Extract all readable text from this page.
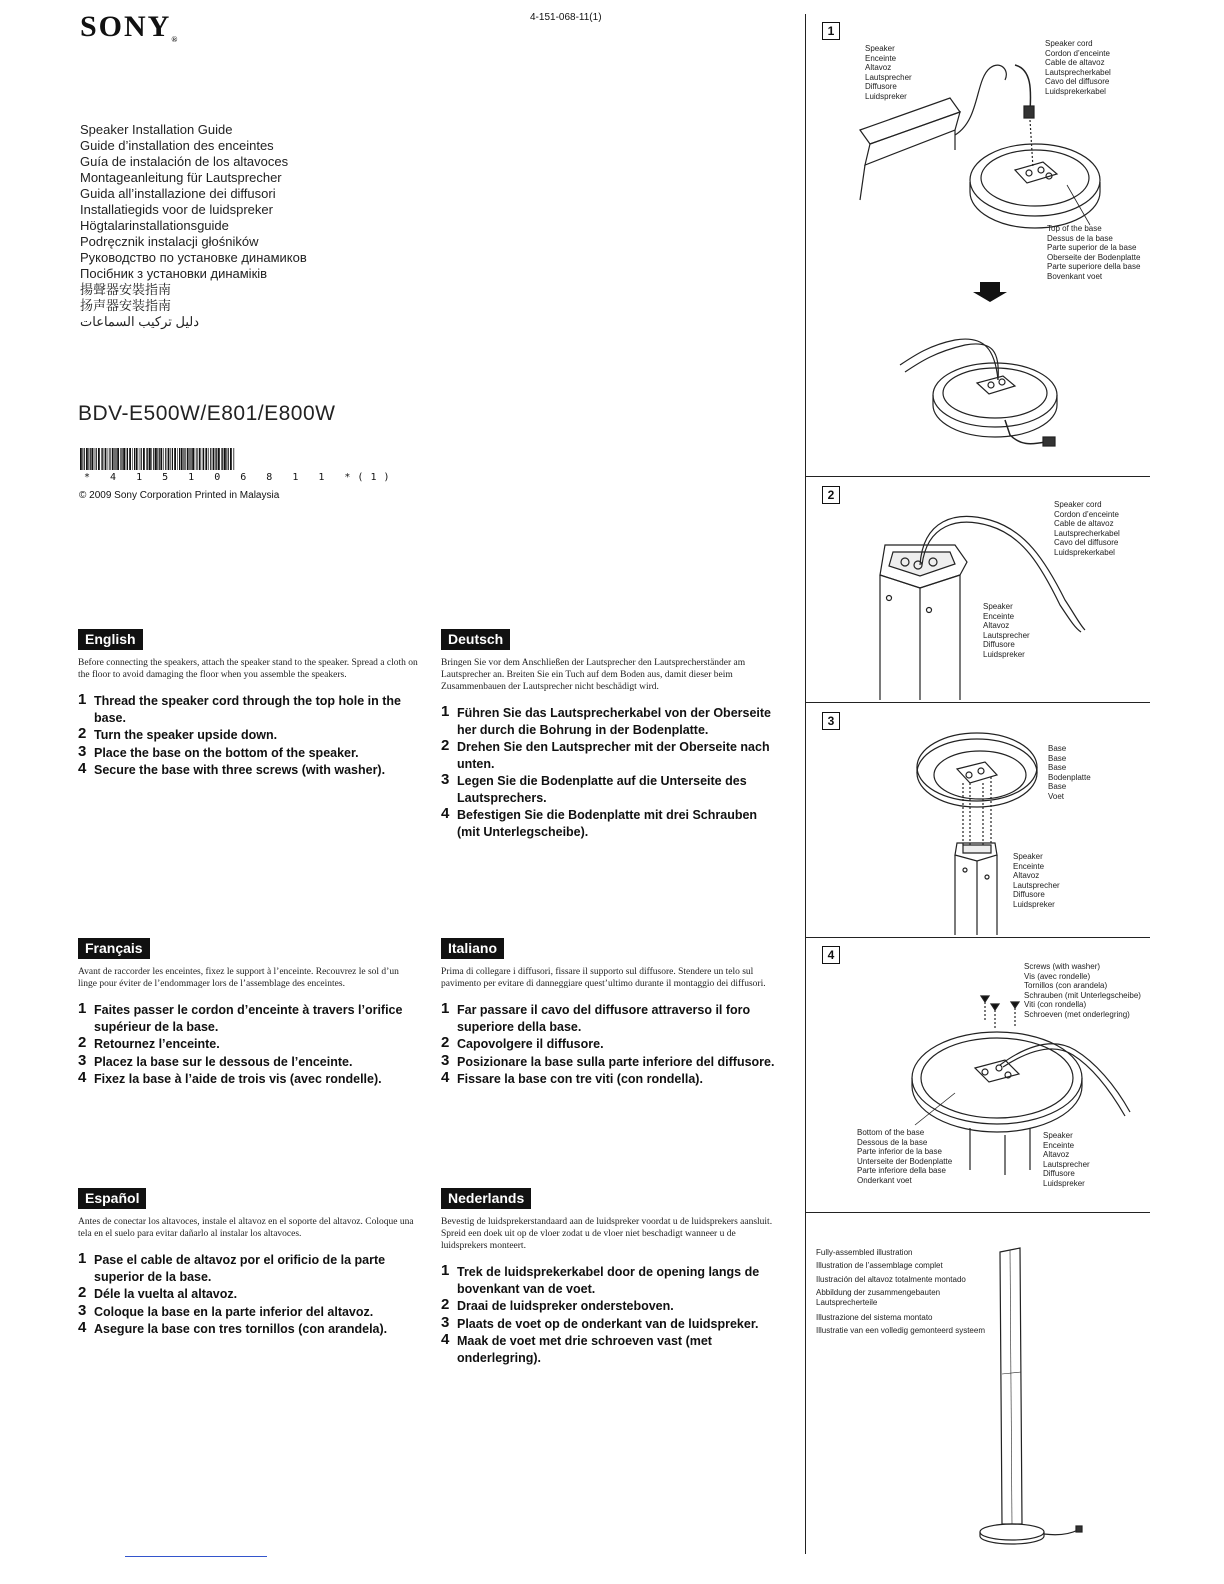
SONY®
4-151-068-11(1)
Speaker Installation Guide
Guide d’installation des enceintes
Guía de instalación de los altavoces
Montageanleitung für Lautsprecher
Guida all’installazione dei diffusori
Installatiegids voor de luidspreker
Högtalarinstallationsguide
Podręcznik instalacji głośników
Руководство по установке динамиков
Посібник з установки динаміків
揚聲器安裝指南
扬声器安装指南
دليل تركيب السماعات
BDV-E500W/E801/E800W
* 4 1 5 1 0 6 8 1 1 *(1)
© 2009 Sony Corporation Printed in Malaysia
English
Before connecting the speakers, attach the speaker stand to the speaker. Spread a cloth on the floor to avoid damaging the floor when you assemble the speakers.
1 Thread the speaker cord through the top hole in the base.
2 Turn the speaker upside down.
3 Place the base on the bottom of the speaker.
4 Secure the base with three screws (with washer).
Deutsch
Bringen Sie vor dem Anschließen der Lautsprecher den Lautsprecherständer am Lautsprecher an. Breiten Sie ein Tuch auf dem Boden aus, damit dieser beim Zusammenbauen der Lautsprecher nicht beschädigt wird.
1 Führen Sie das Lautsprecherkabel von der Oberseite her durch die Bohrung in der Bodenplatte.
2 Drehen Sie den Lautsprecher mit der Oberseite nach unten.
3 Legen Sie die Bodenplatte auf die Unterseite des Lautsprechers.
4 Befestigen Sie die Bodenplatte mit drei Schrauben (mit Unterlegscheibe).
Français
Avant de raccorder les enceintes, fixez le support à l’enceinte. Recouvrez le sol d’un linge pour éviter de l’endommager lors de l’assemblage des enceintes.
1 Faites passer le cordon d’enceinte à travers l’orifice supérieur de la base.
2 Retournez l’enceinte.
3 Placez la base sur le dessous de l’enceinte.
4 Fixez la base à l’aide de trois vis (avec rondelle).
Italiano
Prima di collegare i diffusori, fissare il supporto sul diffusore. Stendere un telo sul pavimento per evitare di danneggiare quest’ultimo durante il montaggio dei diffusori.
1 Far passare il cavo del diffusore attraverso il foro superiore della base.
2 Capovolgere il diffusore.
3 Posizionare la base sulla parte inferiore del diffusore.
4 Fissare la base con tre viti (con rondella).
Español
Antes de conectar los altavoces, instale el altavoz en el soporte del altavoz. Coloque una tela en el suelo para evitar dañarlo al instalar los altavoces.
1 Pase el cable de altavoz por el orificio de la parte superior de la base.
2 Déle la vuelta al altavoz.
3 Coloque la base en la parte inferior del altavoz.
4 Asegure la base con tres tornillos (con arandela).
Nederlands
Bevestig de luidsprekerstandaard aan de luidspreker voordat u de luidsprekers aansluit. Spreid een doek uit op de vloer zodat u de vloer niet beschadigt wanneer u de luidsprekers monteert.
1 Trek de luidsprekerkabel door de opening langs de bovenkant van de voet.
2 Draai de luidspreker ondersteboven.
3 Plaats de voet op de onderkant van de luidspreker.
4 Maak de voet met drie schroeven vast (met onderlegring).
1
Speaker
Enceinte
Altavoz
Lautsprecher
Diffusore
Luidspreker
Speaker cord
Cordon d’enceinte
Cable de altavoz
Lautsprecherkabel
Cavo del diffusore
Luidsprekerkabel
Top of the base
Dessus de la base
Parte superior de la base
Oberseite der Bodenplatte
Parte superiore della base
Bovenkant voet
2
Speaker cord
Cordon d’enceinte
Cable de altavoz
Lautsprecherkabel
Cavo del diffusore
Luidsprekerkabel
Speaker
Enceinte
Altavoz
Lautsprecher
Diffusore
Luidspreker
3
Base
Base
Base
Bodenplatte
Base
Voet
Speaker
Enceinte
Altavoz
Lautsprecher
Diffusore
Luidspreker
4
Screws (with washer)
Vis (avec rondelle)
Tornillos (con arandela)
Schrauben (mit Unterlegscheibe)
Viti (con rondella)
Schroeven (met onderlegring)
Bottom of the base
Dessous de la base
Parte inferior de la base
Unterseite der Bodenplatte
Parte inferiore della base
Onderkant voet
Speaker
Enceinte
Altavoz
Lautsprecher
Diffusore
Luidspreker
Fully-assembled illustration
Illustration de l’assemblage complet
Ilustración del altavoz totalmente montado
Abbildung der zusammengebauten Lautsprecherteile
Illustrazione del sistema montato
Illustratie van een volledig gemonteerd systeem
